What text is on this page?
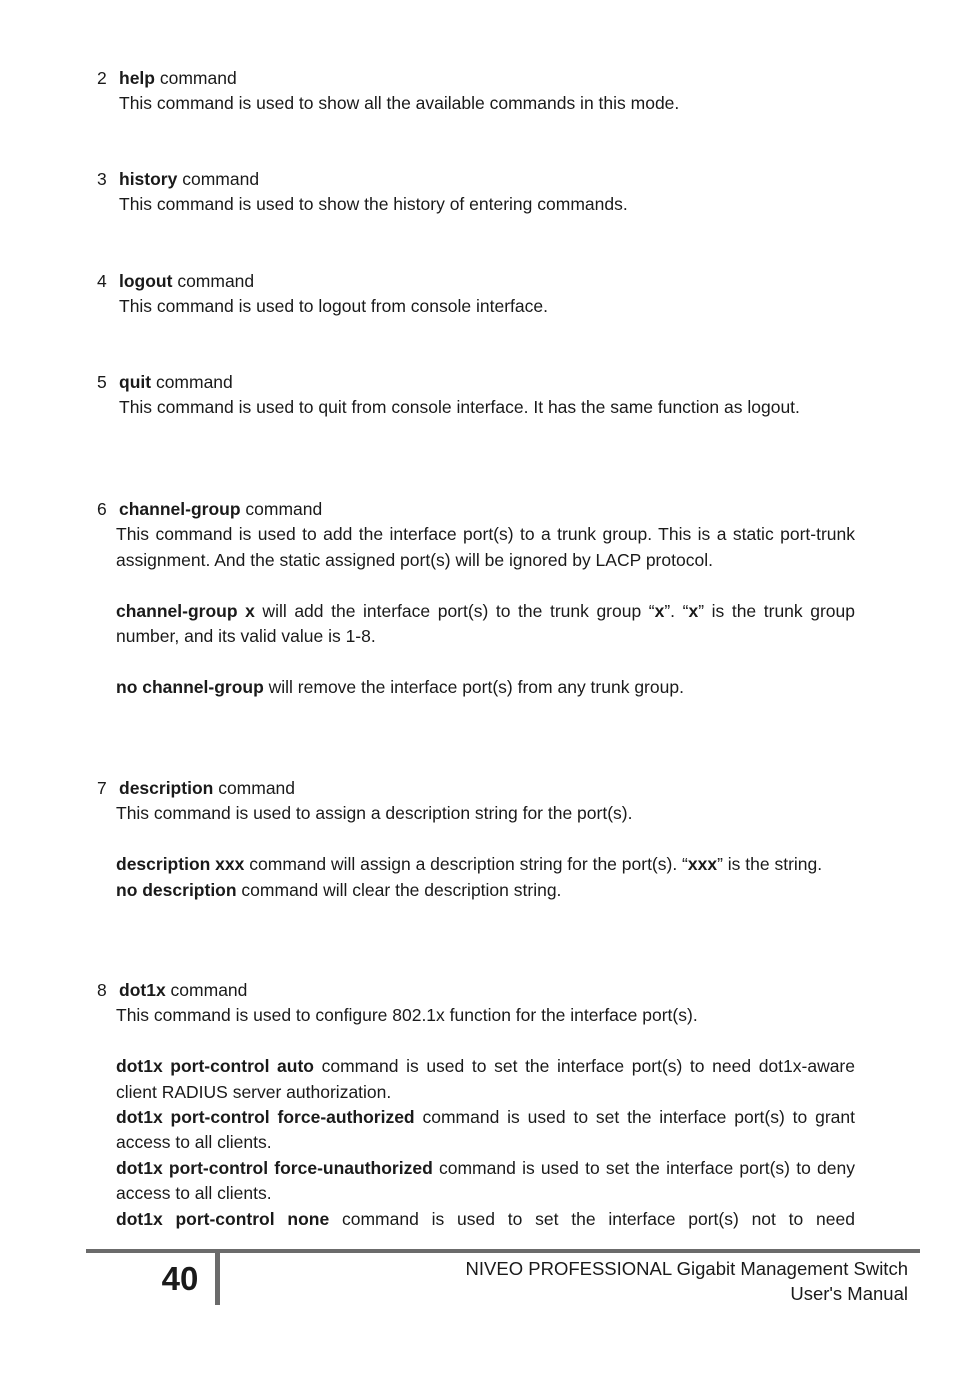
2 help command

This command is used to show all the available commands in this mode.

3 history command

This command is used to show the history of entering commands.

4 logout command

This command is used to logout from console interface.

5 quit command

This command is used to quit from console interface. It has the same function as logout.

6 channel-group command

This command is used to add the interface port(s) to a trunk group. This is a static port-trunk assignment. And the static assigned port(s) will be ignored by LACP protocol.

channel-group x will add the interface port(s) to the trunk group “x”. “x” is the trunk group number, and its valid value is 1-8.

no channel-group will remove the interface port(s) from any trunk group.

7 description command

This command is used to assign a description string for the port(s).

description xxx command will assign a description string for the port(s). “xxx” is the string.

no description command will clear the description string.

8 dot1x command

This command is used to configure 802.1x function for the interface port(s).

dot1x port-control auto command is used to set the interface port(s) to need dot1x-aware client RADIUS server authorization.

dot1x port-control force-authorized command is used to set the interface port(s) to grant access to all clients.

dot1x port-control force-unauthorized command is used to set the interface port(s) to deny access to all clients.

dot1x port-control none command is used to set the interface port(s) not to need

40	NIVEO PROFESSIONAL Gigabit Management Switch
User's Manual
